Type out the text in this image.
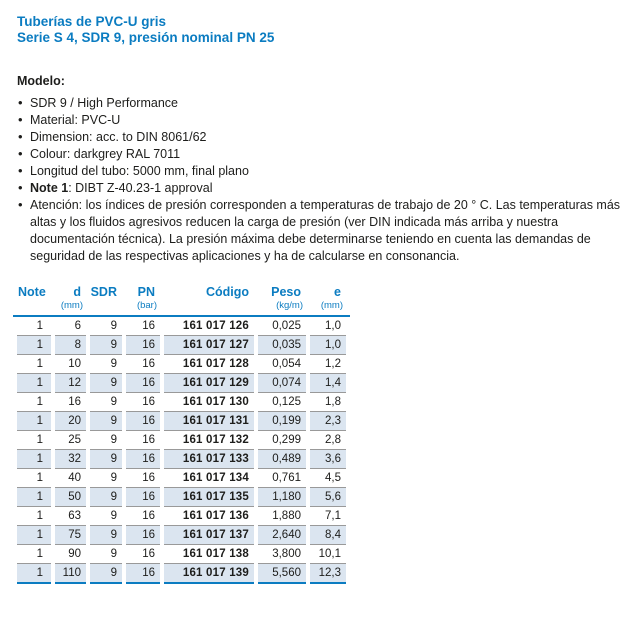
Tuberías de PVC-U gris
Serie S 4, SDR 9, presión nominal PN 25
Modelo:
• SDR 9 / High Performance
• Material: PVC-U
• Dimension: acc. to DIN 8061/62
• Colour: darkgrey RAL 7011
• Longitud del tubo: 5000 mm, final plano
• Note 1: DIBT Z-40.23-1 approval
• Atención: los índices de presión corresponden a temperaturas de trabajo de 20 ° C. Las temperaturas más altas y los fluidos agresivos reducen la carga de presión (ver DIN indicada más arriba y nuestra documentación técnica). La presión máxima debe determinarse teniendo en cuenta las demandas de seguridad de las respectivas aplicaciones y ha de calcularse en consonancia.
Note	d	SDR	PN	Código	Peso	e
	(mm)		(bar)		(kg/m)	(mm)
1	6	9	16	161 017 126	0,025	1,0
1	8	9	16	161 017 127	0,035	1,0
1	10	9	16	161 017 128	0,054	1,2
1	12	9	16	161 017 129	0,074	1,4
1	16	9	16	161 017 130	0,125	1,8
1	20	9	16	161 017 131	0,199	2,3
1	25	9	16	161 017 132	0,299	2,8
1	32	9	16	161 017 133	0,489	3,6
1	40	9	16	161 017 134	0,761	4,5
1	50	9	16	161 017 135	1,180	5,6
1	63	9	16	161 017 136	1,880	7,1
1	75	9	16	161 017 137	2,640	8,4
1	90	9	16	161 017 138	3,800	10,1
1	110	9	16	161 017 139	5,560	12,3
